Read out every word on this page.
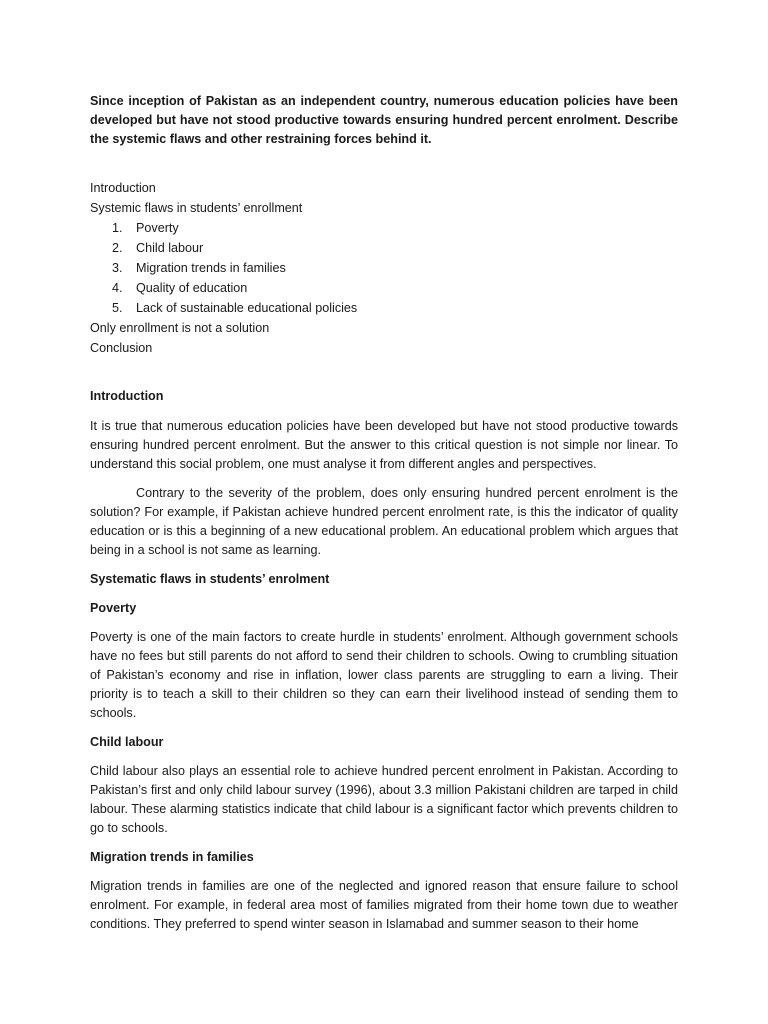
Since inception of Pakistan as an independent country, numerous education policies have been developed but have not stood productive towards ensuring hundred percent enrolment. Describe the systemic flaws and other restraining forces behind it.

Introduction

Systemic flaws in students’ enrollment

1.	Poverty
2.	Child labour
3.	Migration trends in families
4.	Quality of education
5.	Lack of sustainable educational policies

Only enrollment is not a solution

Conclusion

Introduction

It is true that numerous education policies have been developed but have not stood productive towards ensuring hundred percent enrolment. But the answer to this critical question is not simple nor linear. To understand this social problem, one must analyse it from different angles and perspectives.

Contrary to the severity of the problem, does only ensuring hundred percent enrolment is the solution? For example, if Pakistan achieve hundred percent enrolment rate, is this the indicator of quality education or is this a beginning of a new educational problem. An educational problem which argues that being in a school is not same as learning.

Systematic flaws in students’ enrolment
Poverty

Poverty is one of the main factors to create hurdle in students’ enrolment. Although government schools have no fees but still parents do not afford to send their children to schools. Owing to crumbling situation of Pakistan’s economy and rise in inflation, lower class parents are struggling to earn a living. Their priority is to teach a skill to their children so they can earn their livelihood instead of sending them to schools.

Child labour

Child labour also plays an essential role to achieve hundred percent enrolment in Pakistan. According to Pakistan’s first and only child labour survey (1996), about 3.3 million Pakistani children are tarped in child labour. These alarming statistics indicate that child labour is a significant factor which prevents children to go to schools.

Migration trends in families

Migration trends in families are one of the neglected and ignored reason that ensure failure to school enrolment. For example, in federal area most of families migrated from their home town due to weather conditions. They preferred to spend winter season in Islamabad and summer season to their home
